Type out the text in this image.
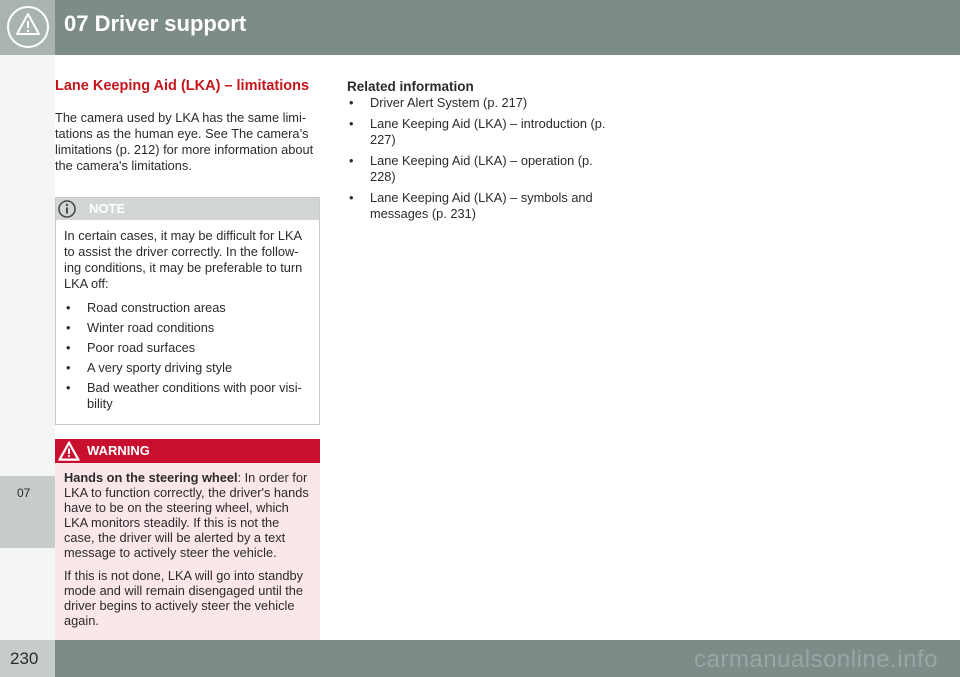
07 Driver support
07
Lane Keeping Aid (LKA) – limitations

The camera used by LKA has the same limi-tations as the human eye. See The camera’s limitations (p. 212) for more information about the camera's limitations.

NOTE

In certain cases, it may be difficult for LKA to assist the driver correctly. In the follow-ing conditions, it may be preferable to turn LKA off:

• Road construction areas
• Winter road conditions
• Poor road surfaces
• A very sporty driving style
• Bad weather conditions with poor visi-bility
WARNING

Hands on the steering wheel: In order for LKA to function correctly, the driver's hands have to be on the steering wheel, which LKA monitors steadily. If this is not the case, the driver will be alerted by a text message to actively steer the vehicle.

If this is not done, LKA will go into standby mode and will remain disengaged until the driver begins to actively steer the vehicle again.

Related information
• Driver Alert System (p. 217)
• Lane Keeping Aid (LKA) – introduction (p. 227)
• Lane Keeping Aid (LKA) – operation (p. 228)
• Lane Keeping Aid (LKA) – symbols and messages (p. 231)
230	carmanualsonline.info
